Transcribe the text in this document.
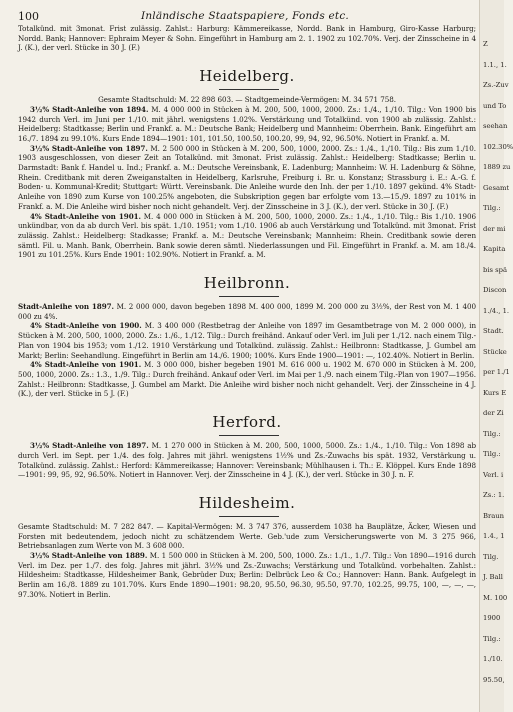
100	Inländische Staatspapiere, Fonds etc.

Totalkünd. mit 3monat. Frist zulässig. Zahlst.: Harburg: Kämmereikasse, Nordd. Bank in Hamburg, Giro-Kasse Harburg; Nordd. Bank; Hannover: Ephraim Meyer & Sohn. Eingeführt in Hamburg am 2. 1. 1902 zu 102.70%. Verj. der Zinsscheine in 4 J. (K.), der verl. Stücke in 30 J. (F.)

Heidelberg.

Gesamte Stadtschuld: M. 22 898 603. — Stadtgemeinde-Vermögen: M. 34 571 758.

3½% Stadt-Anleihe von 1894. M. 4 000 000 in Stücken à M. 200, 500, 1000, 2000. Zs.: 1./4., 1./10. Tilg.: Von 1900 bis 1942 durch Verl. im Juni per 1./10. mit jährl. wenigstens 1.02%. Verstärkung und Totalkünd. von 1900 ab zulässig. Zahlst.: Heidelberg: Stadtkasse; Berlin und Frankf. a. M.: Deutsche Bank; Heidelberg und Mannheim: Oberrhein. Bank. Eingeführt am 16./7. 1894 zu 99.10%. Kurs Ende 1894—1901: 101, 101.50, 100.50, 100.20, 99, 94, 92, 96.50%. Notiert in Frankf. a. M.

3½% Stadt-Anleihe von 1897. M. 2 500 000 in Stücken à M. 200, 500, 1000, 2000. Zs.: 1./4., 1./10. Tilg.: Bis zum 1./10. 1903 ausgeschlossen, von dieser Zeit an Totalkünd. mit 3monat. Frist zulässig. Zahlst.: Heidelberg: Stadtkasse; Berlin u. Darmstadt: Bank f. Handel u. Ind.; Frankf. a. M.: Deutsche Vereinsbank, E. Ladenburg; Mannheim: W. H. Ladenburg & Söhne, Rhein. Creditbank mit deren Zweiganstalten in Heidelberg, Karlsruhe, Freiburg i. Br. u. Konstanz; Strassburg i. E.: A.-G. f. Boden- u. Kommunal-Kredit; Stuttgart: Württ. Vereinsbank. Die Anleihe wurde den Inh. der per 1./10. 1897 gekünd. 4% Stadt-Anleihe von 1890 zum Kurse von 100.25% angeboten, die Subskription gegen bar erfolgte vom 13.—15./9. 1897 zu 101% in Frankf. a. M. Die Anleihe wird bisher noch nicht gehandelt. Verj. der Zinsscheine in 3 J. (K.), der verl. Stücke in 30 J. (F.)

4% Stadt-Anleihe von 1901. M. 4 000 000 in Stücken à M. 200, 500, 1000, 2000. Zs.: 1./4., 1./10. Tilg.: Bis 1./10. 1906 unkündbar, von da ab durch Verl. bis spät. 1./10. 1951; vom 1./10. 1906 ab auch Verstärkung und Totalkünd. mit 3monat. Frist zulässig. Zahlst.: Heidelberg: Stadkasse; Frankf. a. M.: Deutsche Vereinsbank; Mannheim: Rhein. Creditbank sowie deren sämtl. Fil. u. Manh. Bank, Oberrhein. Bank sowie deren sämtl. Niederlassungen und Fil. Eingeführt in Frankf. a. M. am 18./4. 1901 zu 101.25%. Kurs Ende 1901: 102.90%. Notiert in Frankf. a. M.

Heilbronn.

Stadt-Anleihe von 1897. M. 2 000 000, davon begeben 1898 M. 400 000, 1899 M. 200 000 zu 3½%, der Rest von M. 1 400 000 zu 4%.

4% Stadt-Anleihe von 1900. M. 3 400 000 (Restbetrag der Anleihe von 1897 im Gesamtbetrage von M. 2 000 000), in Stücken à M. 200, 500, 1000, 2000. Zs.: 1./6., 1./12. Tilg.: Durch freihänd. Ankauf oder Verl. im Juli per 1./12. nach einem Tilg.-Plan von 1904 bis 1953; vom 1./12. 1910 Verstärkung und Totalkünd. zulässig. Zahlst.: Heilbronn: Stadtkasse, J. Gumbel am Markt; Berlin: Seehandlung. Eingeführt in Berlin am 14./6. 1900; 100%. Kurs Ende 1900—1901: —, 102.40%. Notiert in Berlin.

4% Stadt-Anleihe von 1901. M. 3 000 000, bisher begeben 1901 M. 616 000 u. 1902 M. 670 000 in Stücken à M. 200, 500, 1000, 2000. Zs.: 1.3., 1./9. Tilg.: Durch freihänd. Ankauf oder Verl. im Mai per 1./9. nach einem Tilg.-Plan von 1907—1956. Zahlst.: Heilbronn: Stadtkasse, J. Gumbel am Markt. Die Anleihe wird bisher noch nicht gehandelt. Verj. der Zinsscheine in 4 J. (K.), der verl. Stücke in 5 J. (F.)

Herford.

3½% Stadt-Anleihe von 1897. M. 1 270 000 in Stücken à M. 200, 500, 1000, 5000. Zs.: 1./4., 1./10. Tilg.: Von 1898 ab durch Verl. im Sept. per 1./4. des folg. Jahres mit jährl. wenigstens 1½% und Zs.-Zuwachs bis spät. 1932, Verstärkung u. Totalkünd. zulässig. Zahlst.: Herford: Kämmereikasse; Hannover: Vereinsbank; Mühlhausen i. Th.: E. Klöppel. Kurs Ende 1898—1901: 99, 95, 92, 96.50%. Notiert in Hannover. Verj. der Zinsscheine in 4 J. (K.), der verl. Stücke in 30 J. n. F.

Hildesheim.

Gesamte Stadtschuld: M. 7 282 847. — Kapital-Vermögen: M. 3 747 376, ausserdem 1038 ha Bauplätze, Äcker, Wiesen und Forsten mit bedeutendem, jedoch nicht zu schätzendem Werte. Geb.'ude zum Versicherungswerte von M. 3 275 966, Betriebsanlagen zum Werte von M. 3 608 000.

3½% Stadt-Anleihe von 1889. M. 1 500 000 in Stücken à M. 200, 500, 1000. Zs.: 1./1., 1./7. Tilg.: Von 1890—1916 durch Verl. im Dez. per 1./7. des folg. Jahres mit jährl. 3½% und Zs.-Zuwachs; Verstärkung und Totalkünd. vorbehalten. Zahlst.: Hildesheim: Stadtkasse, Hildesheimer Bank, Gebrüder Dux; Berlin: Delbrück Leo & Co.; Hannover: Hann. Bank. Aufgelegt in Berlin am 16./8. 1889 zu 101.70%. Kurs Ende 1890—1901: 98.20, 95.50, 96.30, 95.50, 97.70, 102.25, 99.75, 100, —, —, —, 97.30%. Notiert in Berlin.

Z
1.1., 1.
Zs.-Zuv
und To
seehan
102.30%
1889 zu
Gesamt
Tilg.:
der mi
Kapita
bis spä
Discon
1./4., 1.
Stadt.
Stücke
per 1./1
Kurs E
der Zi
Tilg.:
Tilg.:
Verl. i
Zs.: 1.
Braun
1.4., 1
Tilg.
J. Ball
M. 100
1900
Tilg.:
1./10.
95.50,
